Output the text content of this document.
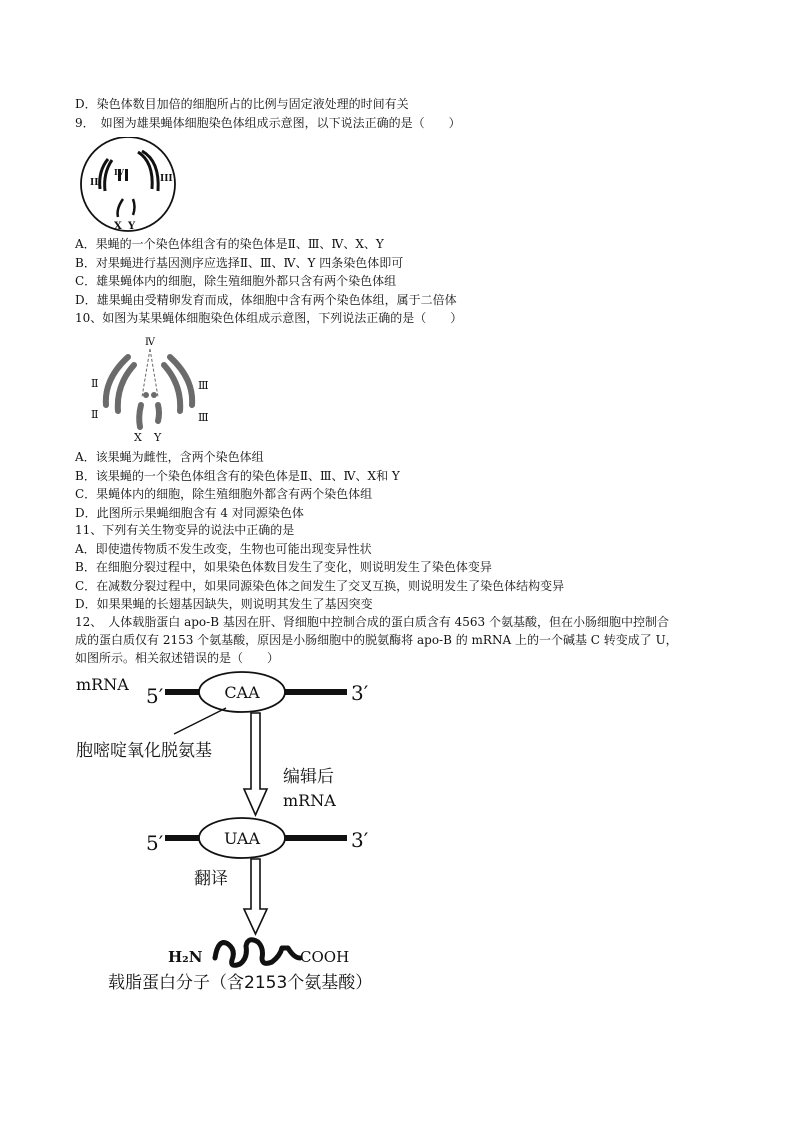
D．染色体数目加倍的细胞所占的比例与固定液处理的时间有关
9．　如图为雄果蝇体细胞染色体组成示意图，以下说法正确的是（　　）
II
IV
III
X Y
A．果蝇的一个染色体组含有的染色体是Ⅱ、Ⅲ、Ⅳ、X、Y
B．对果蝇进行基因测序应选择Ⅱ、Ⅲ、Ⅳ、Y 四条染色体即可
C．雄果蝇体内的细胞，除生殖细胞外都只含有两个染色体组
D．雄果蝇由受精卵发育而成，体细胞中含有两个染色体组，属于二倍体
10、如图为某果蝇体细胞染色体组成示意图，下列说法正确的是（　　）
Ⅳ
Ⅱ
Ⅱ
Ⅲ
Ⅲ
X Y
A．该果蝇为雌性，含两个染色体组
B．该果蝇的一个染色体组含有的染色体是Ⅱ、Ⅲ、Ⅳ、X和 Y
C．果蝇体内的细胞，除生殖细胞外都含有两个染色体组
D．此图所示果蝇细胞含有 4 对同源染色体
11、下列有关生物变异的说法中正确的是
A．即使遗传物质不发生改变，生物也可能出现变异性状
B．在细胞分裂过程中，如果染色体数目发生了变化，则说明发生了染色体变异
C．在减数分裂过程中，如果同源染色体之间发生了交叉互换，则说明发生了染色体结构变异
D．如果果蝇的长翅基因缺失，则说明其发生了基因突变
12、　人体载脂蛋白 apo-B 基因在肝、肾细胞中控制合成的蛋白质含有 4563 个氨基酸，但在小肠细胞中控制合
成的蛋白质仅有 2153 个氨基酸，原因是小肠细胞中的脱氨酶将 apo-B 的 mRNA 上的一个碱基 C 转变成了 U，
如图所示。相关叙述错误的是（　　）
mRNA 5′	CAA	3′
胞嘧啶氧化脱氨基
编辑后
mRNA
5′	UAA	3′
翻译
H₂N	COOH
载脂蛋白分子（含2153个氨基酸）
